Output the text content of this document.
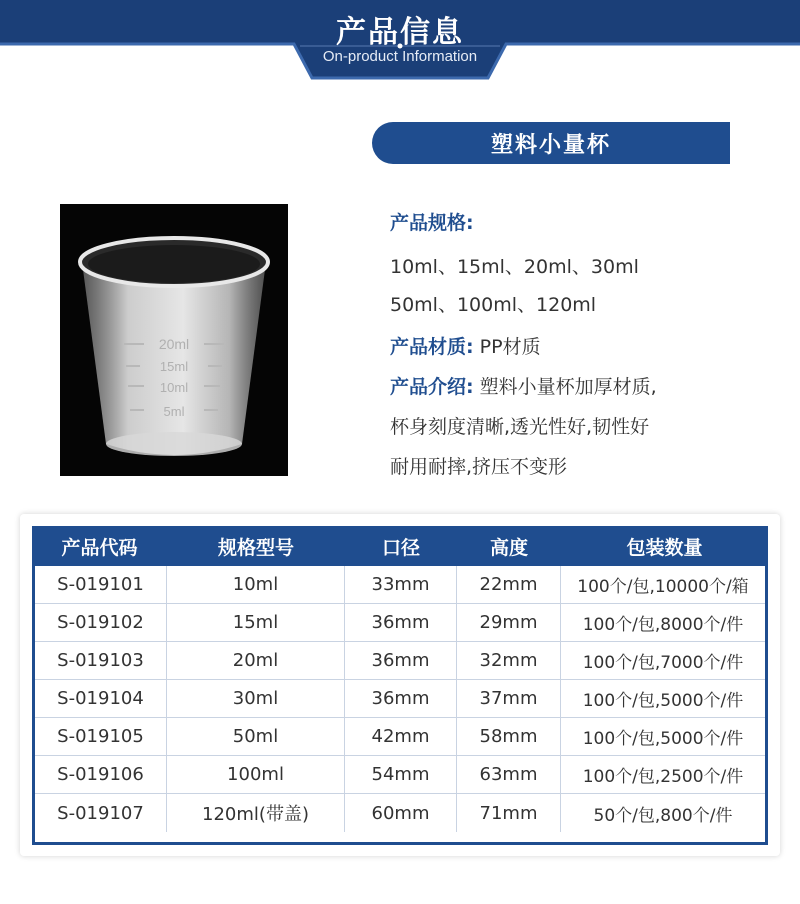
产品信息
On-product Information
塑料小量杯
20ml
15ml
10ml
5ml
产品规格:
10ml、15ml、20ml、30ml
50ml、100ml、120ml
产品材质: PP材质
产品介绍: 塑料小量杯加厚材质,
杯身刻度清晰,透光性好,韧性好
耐用耐摔,挤压不变形
产品代码	规格型号	口径	高度	包装数量
S-019101	10ml	33mm	22mm	100个/包,10000个/箱
S-019102	15ml	36mm	29mm	100个/包,8000个/件
S-019103	20ml	36mm	32mm	100个/包,7000个/件
S-019104	30ml	36mm	37mm	100个/包,5000个/件
S-019105	50ml	42mm	58mm	100个/包,5000个/件
S-019106	100ml	54mm	63mm	100个/包,2500个/件
S-019107	120ml(带盖)	60mm	71mm	50个/包,800个/件
